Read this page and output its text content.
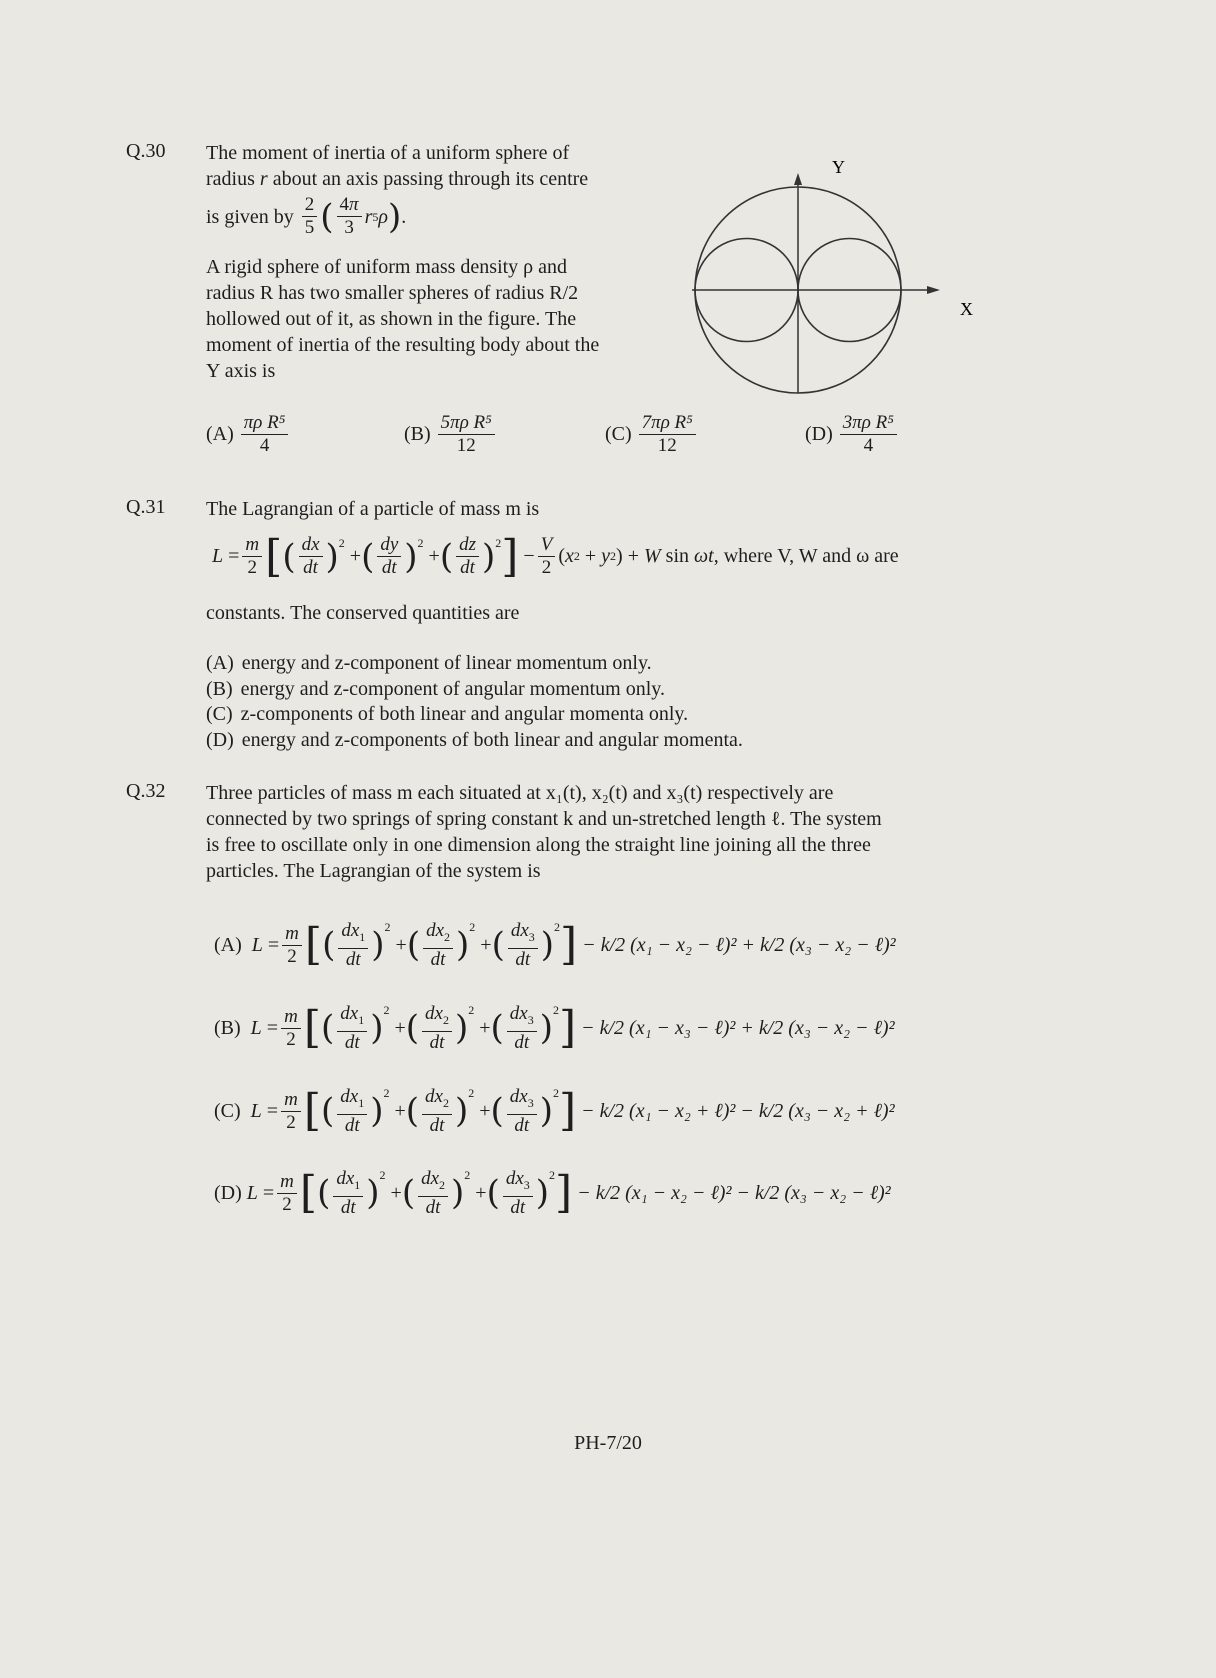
Q.30 The moment of inertia of a uniform sphere of

radius r about an axis passing through its centre

is given by $\frac{2}{5}$ ( $\frac{4\pi}{3}$ r 5 ρ ) .

A rigid sphere of uniform mass density ρ and

radius R has two smaller spheres of radius R/2

hollowed out of it, as shown in the figure. The

moment of inertia of the resulting body about the

Y axis is

Y
X
$(A) \frac{\text{πρ R⁵}}{4}$	$(B) \frac{\text{5πρ R⁵}}{12}$	$(C) \frac{\text{7πρ R⁵}}{12}$	$(D) \frac{\text{3πρ R⁵}}{4}$
Q.31 The Lagrangian of a particle of mass m is
$L = \frac{m}{2}$ [ ( $\frac{dx}{dt} )^2$
+ ( $\frac{dy}{dt} )^2$
+ ( $\frac{dz}{dt} )^2$ ] − $\frac{V}{2}$ ( x 2 + y 2 ) + W sin ωt , where V, W and ω are
constants. The conserved quantities are
(A) energy and z-component of linear momentum only.
(B) energy and z-component of angular momentum only.
(C) z-components of both linear and angular momenta only.
(D) energy and z-components of both linear and angular momenta.
Q.32 Three particles of mass m each situated at x₁(t), x₂(t) and x₃(t) respectively are

connected by two springs of spring constant k and un-stretched length ℓ. The system

is free to oscillate only in one dimension along the straight line joining all the three

particles. The Lagrangian of the system is

(A)
$L = \frac{m}{2}$ [ ( $\frac{dx_1}{dt} )^2$
+ ( $\frac{dx_2}{dt} )^2$
+ ( $\frac{dx_3}{dt} )^2$ ]
− k/2 (x₁ − x₂ − ℓ)² + k/2 (x₃ − x₂ − ℓ)²
(B)
$L = \frac{m}{2}$ [ ( $\frac{dx_1}{dt} )^2$
+ ( $\frac{dx_2}{dt} )^2$
+ ( $\frac{dx_3}{dt} )^2$ ]
− k/2 (x₁ − x₃ − ℓ)² + k/2 (x₃ − x₂ − ℓ)²
(C)
$L = \frac{m}{2}$ [ ( $\frac{dx_1}{dt} )^2$
+ ( $\frac{dx_2}{dt} )^2$
+ ( $\frac{dx_3}{dt} )^2$ ]
− k/2 (x₁ − x₂ + ℓ)² − k/2 (x₃ − x₂ + ℓ)²
(D)
$L = \frac{m}{2}$ [ ( $\frac{dx_1}{dt} )^2$
+ ( $\frac{dx_2}{dt} )^2$
+ ( $\frac{dx_3}{dt} )^2$ ]
− k/2 (x₁ − x₂ − ℓ)² − k/2 (x₃ − x₂ − ℓ)²
PH-7/20
